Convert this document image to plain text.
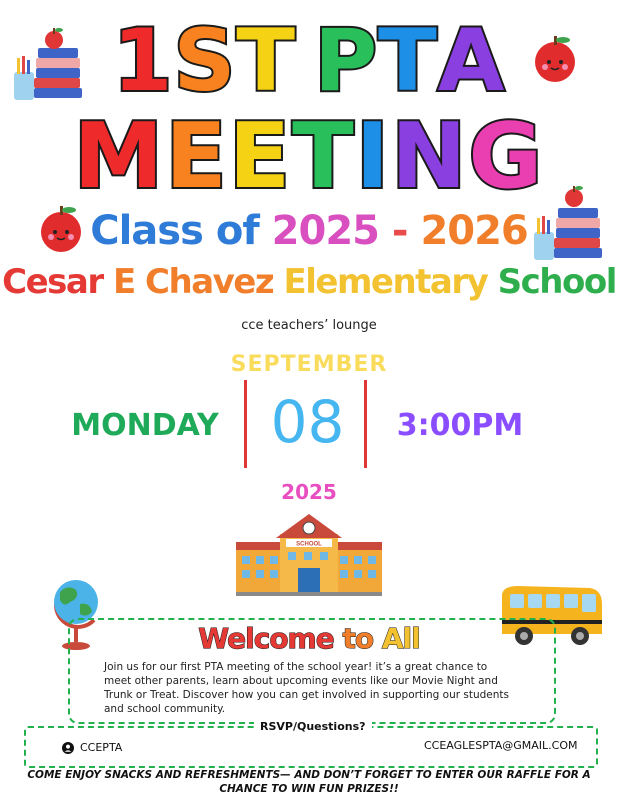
1ST PTA
MEETING
Class of 2025 - 2026
Cesar E Chavez Elementary School
cce teachers’ lounge
SEPTEMBER
MONDAY 08	3:00PM
2025
SCHOOL
Welcome to All
Join us for our first PTA meeting of the school year! it’s a great chance to meet other parents, learn about upcoming events like our Movie Night and Trunk or Treat. Discover how you can get involved in supporting our students and school community.
RSVP/Questions?
CCEPTA	CCEAGLESPTA@GMAIL.COM
COME ENJOY SNACKS AND REFRESHMENTS— AND DON’T FORGET TO ENTER OUR RAFFLE FOR A CHANCE TO WIN FUN PRIZES!!
